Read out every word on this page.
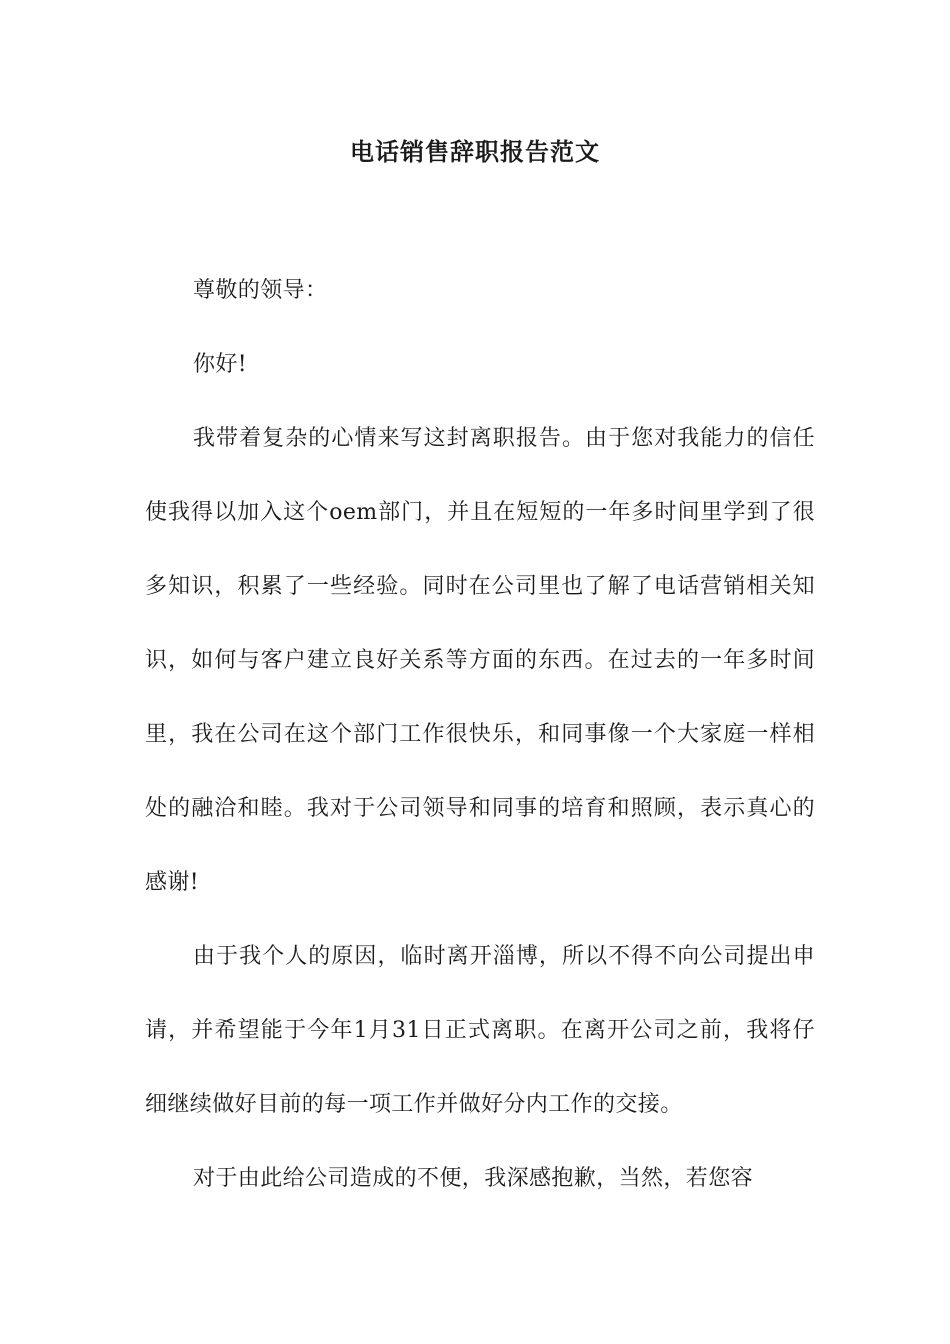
电话销售辞职报告范文

尊敬的领导：

你好!

我带着复杂的心情来写这封离职报告。由于您对我能力的信任使我得以加入这个oem部门，并且在短短的一年多时间里学到了很多知识，积累了一些经验。同时在公司里也了解了电话营销相关知识，如何与客户建立良好关系等方面的东西。在过去的一年多时间里，我在公司在这个部门工作很快乐，和同事像一个大家庭一样相处的融洽和睦。我对于公司领导和同事的培育和照顾，表示真心的感谢!

由于我个人的原因，临时离开淄博，所以不得不向公司提出申请，并希望能于今年1月31日正式离职。在离开公司之前，我将仔细继续做好目前的每一项工作并做好分内工作的交接。

对于由此给公司造成的不便，我深感抱歉，当然，若您容
